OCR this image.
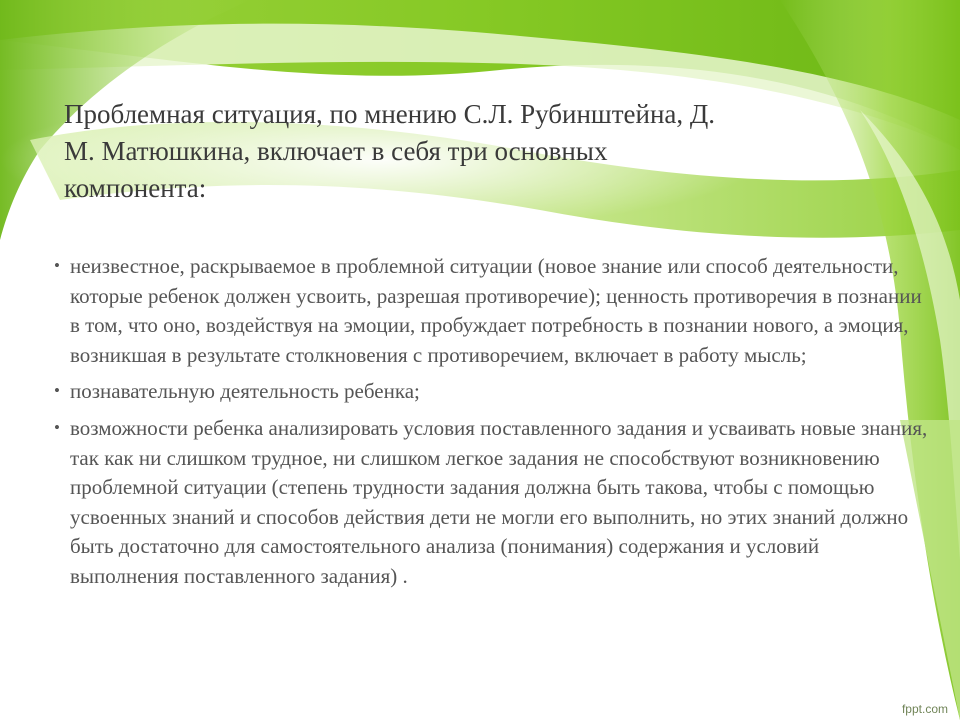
Проблемная ситуация, по мнению С.Л. Рубинштейна, Д. М. Матюшкина, включает в себя три основных компонента:
• неизвестное, раскрываемое в проблемной ситуации (новое знание или способ деятельности, которые ребенок должен усвоить, разрешая противоречие); ценность противоречия в познании в том, что оно, воздействуя на эмоции, пробуждает потребность в познании нового, а эмоция, возникшая в результате столкновения с противоречием, включает в работу мысль;
• познавательную деятельность ребенка;
• возможности ребенка анализировать условия поставленного задания и усваивать новые знания, так как ни слишком трудное, ни слишком легкое задания не способствуют возникновению проблемной ситуации (степень трудности задания должна быть такова, чтобы с помощью усвоенных знаний и способов действия дети не могли его выполнить, но этих знаний должно быть достаточно для самостоятельного анализа (понимания) содержания и условий выполнения поставленного задания) .
fppt.com
